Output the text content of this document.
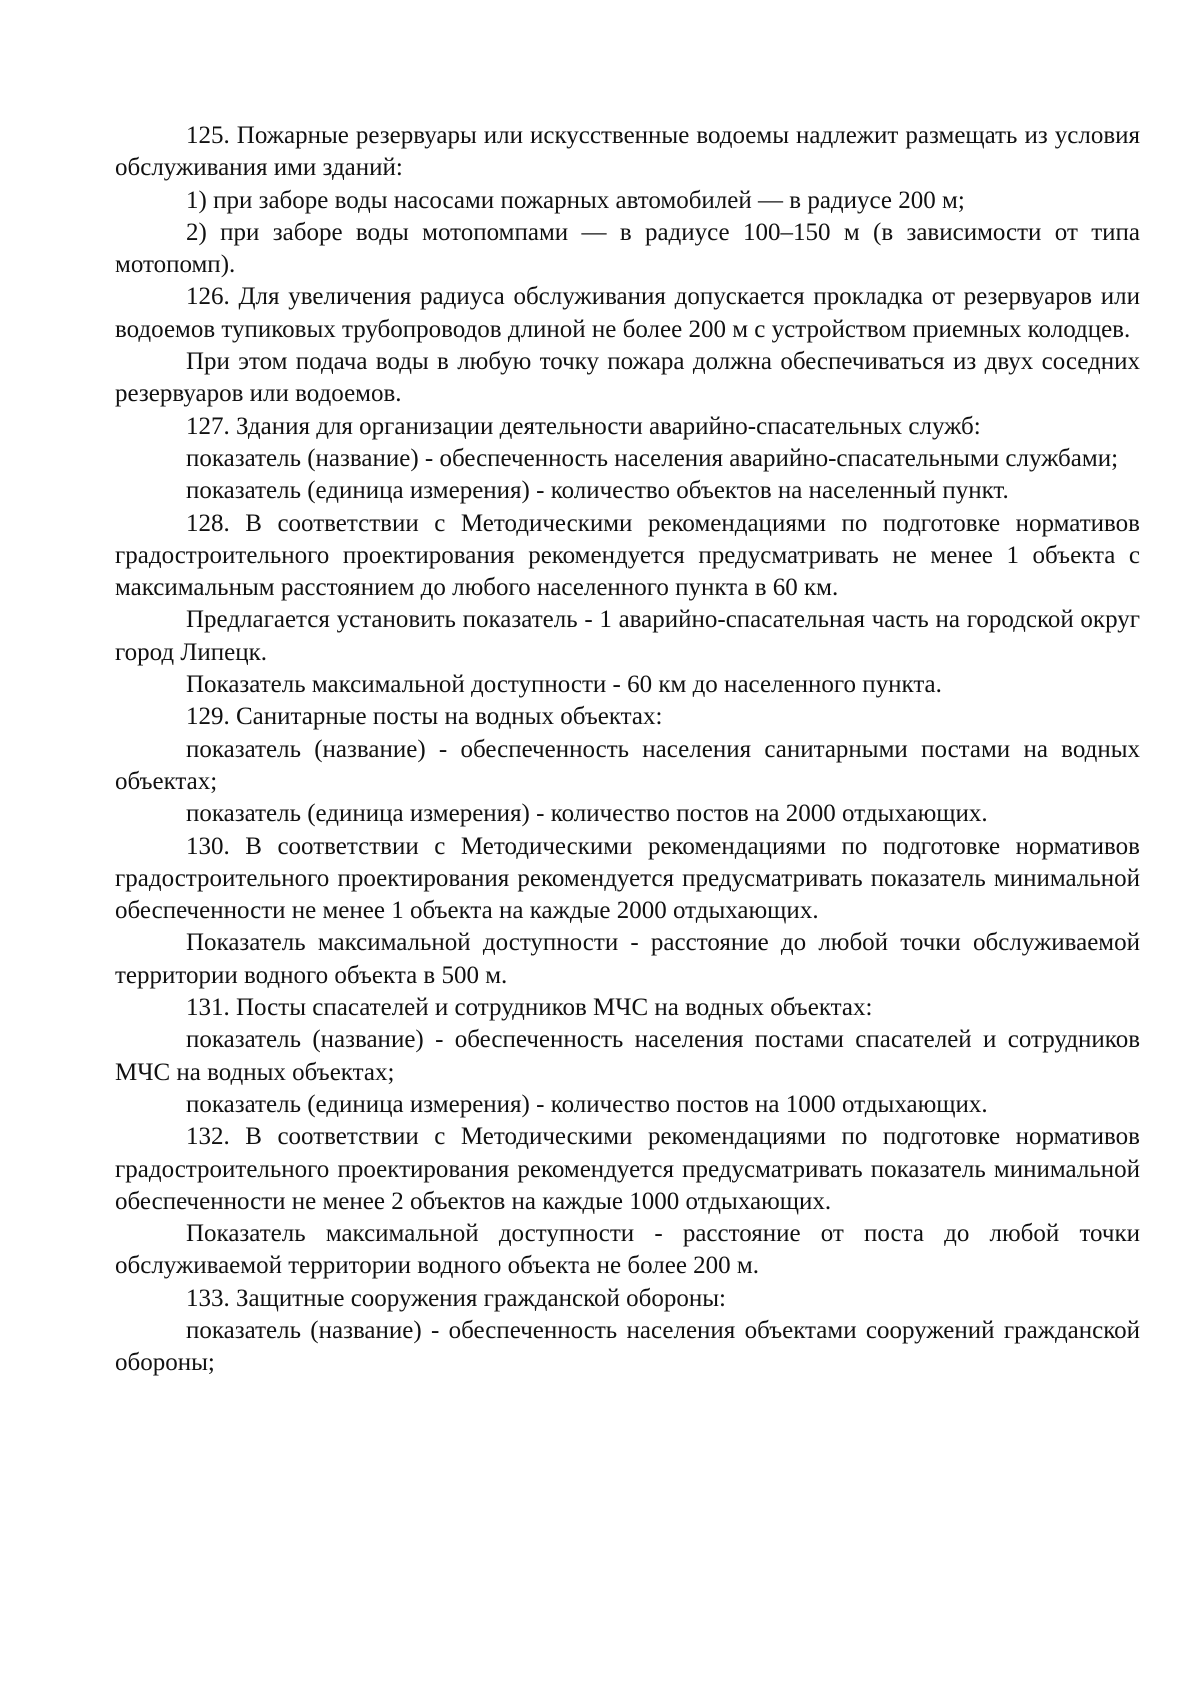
125. Пожарные резервуары или искусственные водоемы надлежит размещать из условия обслуживания ими зданий:

1) при заборе воды насосами пожарных автомобилей — в радиусе 200 м;

2) при заборе воды мотопомпами — в радиусе 100–150 м (в зависимости от типа мотопомп).

126. Для увеличения радиуса обслуживания допускается прокладка от резервуаров или водоемов тупиковых трубопроводов длиной не более 200 м с устройством приемных колодцев.

При этом подача воды в любую точку пожара должна обеспечиваться из двух соседних резервуаров или водоемов.

127. Здания для организации деятельности аварийно-спасательных служб:

показатель (название) - обеспеченность населения аварийно-спасательными службами;

показатель (единица измерения) - количество объектов на населенный пункт.

128. В соответствии с Методическими рекомендациями по подготовке нормативов градостроительного проектирования рекомендуется предусматривать не менее 1 объекта с максимальным расстоянием до любого населенного пункта в 60 км.

Предлагается установить показатель - 1 аварийно-спасательная часть на городской округ город Липецк.

Показатель максимальной доступности - 60 км до населенного пункта.

129. Санитарные посты на водных объектах:

показатель (название) - обеспеченность населения санитарными постами на водных объектах;

показатель (единица измерения) - количество постов на 2000 отдыхающих.

130. В соответствии с Методическими рекомендациями по подготовке нормативов градостроительного проектирования рекомендуется предусматривать показатель минимальной обеспеченности не менее 1 объекта на каждые 2000 отдыхающих.

Показатель максимальной доступности - расстояние до любой точки обслуживаемой территории водного объекта в 500 м.

131. Посты спасателей и сотрудников МЧС на водных объектах:

показатель (название) - обеспеченность населения постами спасателей и сотрудников МЧС на водных объектах;

показатель (единица измерения) - количество постов на 1000 отдыхающих.

132. В соответствии с Методическими рекомендациями по подготовке нормативов градостроительного проектирования рекомендуется предусматривать показатель минимальной обеспеченности не менее 2 объектов на каждые 1000 отдыхающих.

Показатель максимальной доступности - расстояние от поста до любой точки обслуживаемой территории водного объекта не более 200 м.

133. Защитные сооружения гражданской обороны:

показатель (название) - обеспеченность населения объектами сооружений гражданской обороны;
